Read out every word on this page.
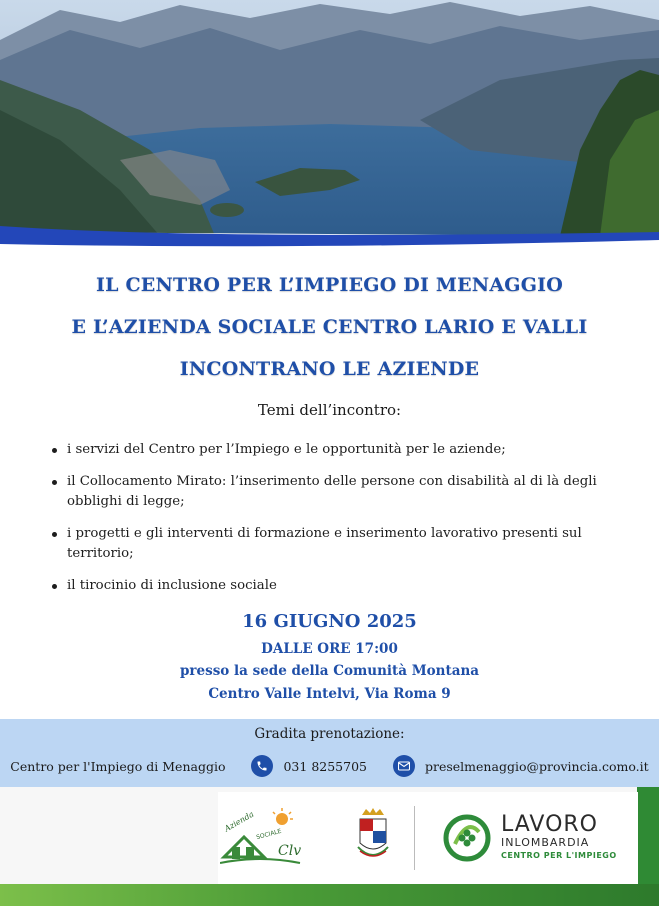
IL CENTRO PER L’IMPIEGO DI MENAGGIO
E L’AZIENDA SOCIALE CENTRO LARIO E VALLI
INCONTRANO LE AZIENDE
Temi dell’incontro:
i servizi del Centro per l’Impiego e le opportunità per le aziende;
il Collocamento Mirato: l’inserimento delle persone con disabilità al di là degli obblighi di legge;
i progetti e gli interventi di formazione e inserimento lavorativo presenti sul territorio;
il tirocinio di inclusione sociale
16 GIUGNO 2025
DALLE ORE 17:00
presso la sede della Comunità Montana
Centro Valle Intelvi, Via Roma 9
Gradita prenotazione:
Centro per l'Impiego di Menaggio	031 8255705	preselmenaggio@provincia.como.it
Azienda
SOCIALE
Clv
LAVORO
INLOMBARDIA
CENTRO PER L'IMPIEGO
